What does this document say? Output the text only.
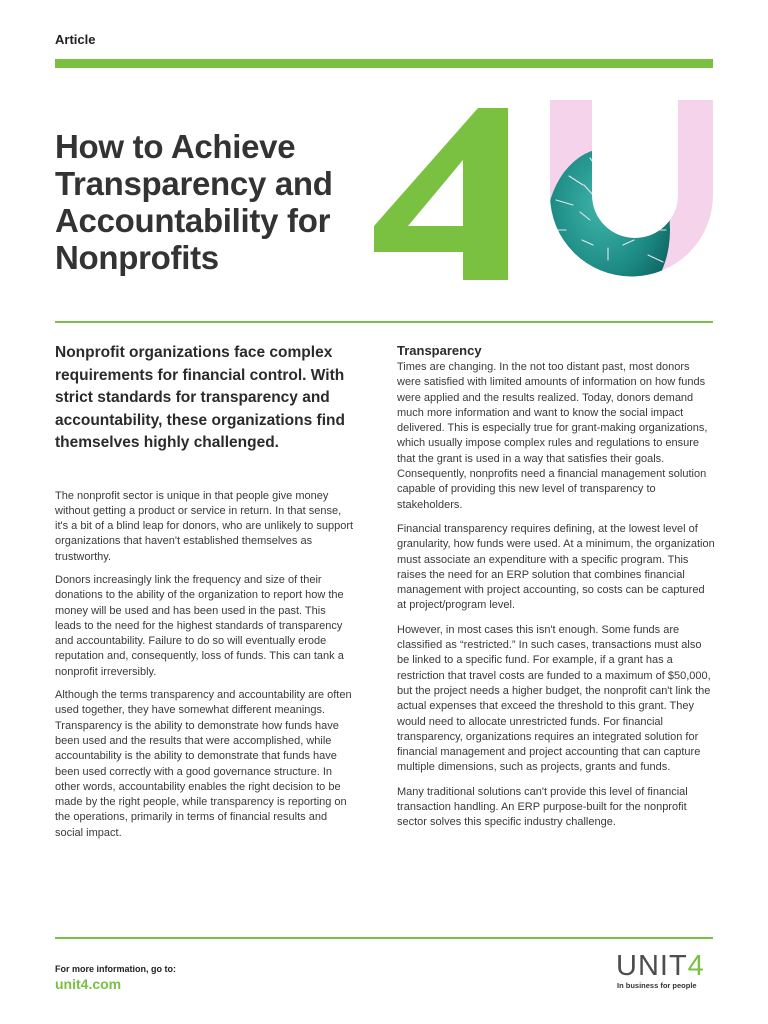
Article
How to Achieve Transparency and Accountability for Nonprofits

Nonprofit organizations face complex requirements for financial control. With strict standards for transparency and accountability, these organizations find themselves highly challenged.

The nonprofit sector is unique in that people give money without getting a product or service in return. In that sense, it's a bit of a blind leap for donors, who are unlikely to support organizations that haven't established themselves as trustworthy.

Donors increasingly link the frequency and size of their donations to the ability of the organization to report how the money will be used and has been used in the past. This leads to the need for the highest standards of transparency and accountability. Failure to do so will eventually erode reputation and, consequently, loss of funds. This can tank a nonprofit irreversibly.

Although the terms transparency and accountability are often used together, they have somewhat different meanings. Transparency is the ability to demonstrate how funds have been used and the results that were accomplished, while accountability is the ability to demonstrate that funds have been used correctly with a good governance structure. In other words, accountability enables the right decision to be made by the right people, while transparency is reporting on the operations, primarily in terms of financial results and social impact.

Transparency

Times are changing. In the not too distant past, most donors were satisfied with limited amounts of information on how funds were applied and the results realized. Today, donors demand much more information and want to know the social impact delivered. This is especially true for grant-making organizations, which usually impose complex rules and regulations to ensure that the grant is used in a way that satisfies their goals. Consequently, nonprofits need a financial management solution capable of providing this new level of transparency to stakeholders.

Financial transparency requires defining, at the lowest level of granularity, how funds were used. At a minimum, the organization must associate an expenditure with a specific program. This raises the need for an ERP solution that combines financial management with project accounting, so costs can be captured at project/program level.

However, in most cases this isn't enough. Some funds are classified as “restricted.” In such cases, transactions must also be linked to a specific fund. For example, if a grant has a restriction that travel costs are funded to a maximum of $50,000, but the project needs a higher budget, the nonprofit can't link the actual expenses that exceed the threshold to this grant. They would need to allocate unrestricted funds. For financial transparency, organizations requires an integrated solution for financial management and project accounting that can capture multiple dimensions, such as projects, grants and funds.

Many traditional solutions can't provide this level of financial transaction handling. An ERP purpose-built for the nonprofit sector solves this specific industry challenge.

For more information, go to:
unit4.com
UNIT4
In business for people
